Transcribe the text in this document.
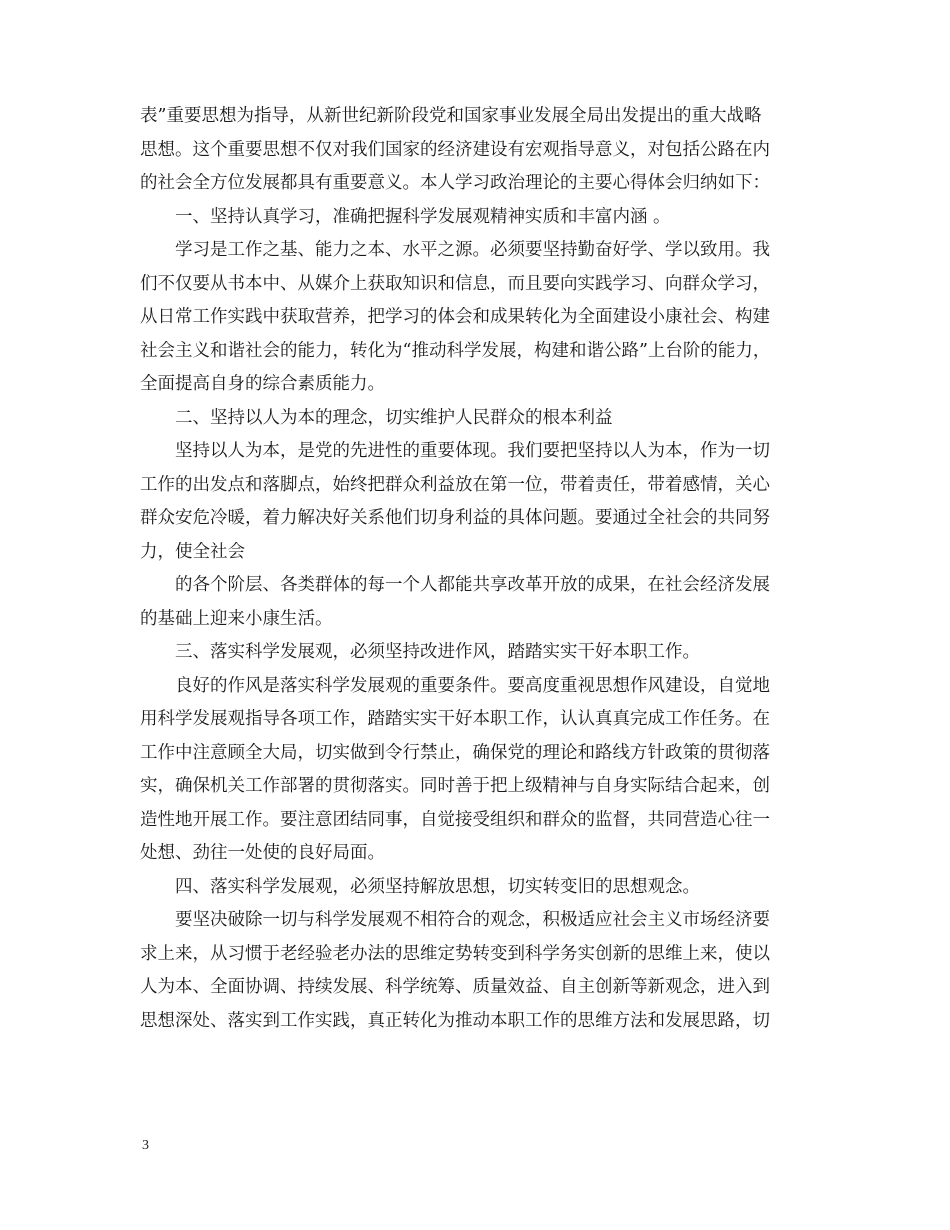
表”重要思想为指导，从新世纪新阶段党和国家事业发展全局出发提出的重大战略
思想。这个重要思想不仅对我们国家的经济建设有宏观指导意义，对包括公路在内
的社会全方位发展都具有重要意义。本人学习政治理论的主要心得体会归纳如下：
一、坚持认真学习，准确把握科学发展观精神实质和丰富内涵 。
学习是工作之基、能力之本、水平之源。必须要坚持勤奋好学、学以致用。我
们不仅要从书本中、从媒介上获取知识和信息，而且要向实践学习、向群众学习，
从日常工作实践中获取营养，把学习的体会和成果转化为全面建设小康社会、构建
社会主义和谐社会的能力，转化为“推动科学发展，构建和谐公路”上台阶的能力，
全面提高自身的综合素质能力。
二、坚持以人为本的理念，切实维护人民群众的根本利益
坚持以人为本，是党的先进性的重要体现。我们要把坚持以人为本，作为一切
工作的出发点和落脚点，始终把群众利益放在第一位，带着责任，带着感情，关心
群众安危冷暖，着力解决好关系他们切身利益的具体问题。要通过全社会的共同努
力，使全社会
的各个阶层、各类群体的每一个人都能共享改革开放的成果，在社会经济发展
的基础上迎来小康生活。
三、落实科学发展观，必须坚持改进作风，踏踏实实干好本职工作。
良好的作风是落实科学发展观的重要条件。要高度重视思想作风建设，自觉地
用科学发展观指导各项工作，踏踏实实干好本职工作，认认真真完成工作任务。在
工作中注意顾全大局，切实做到令行禁止，确保党的理论和路线方针政策的贯彻落
实，确保机关工作部署的贯彻落实。同时善于把上级精神与自身实际结合起来，创
造性地开展工作。要注意团结同事，自觉接受组织和群众的监督，共同营造心往一
处想、劲往一处使的良好局面。
四、落实科学发展观，必须坚持解放思想，切实转变旧的思想观念。
要坚决破除一切与科学发展观不相符合的观念，积极适应社会主义市场经济要
求上来，从习惯于老经验老办法的思维定势转变到科学务实创新的思维上来，使以
人为本、全面协调、持续发展、科学统筹、质量效益、自主创新等新观念，进入到
思想深处、落实到工作实践，真正转化为推动本职工作的思维方法和发展思路，切
3
